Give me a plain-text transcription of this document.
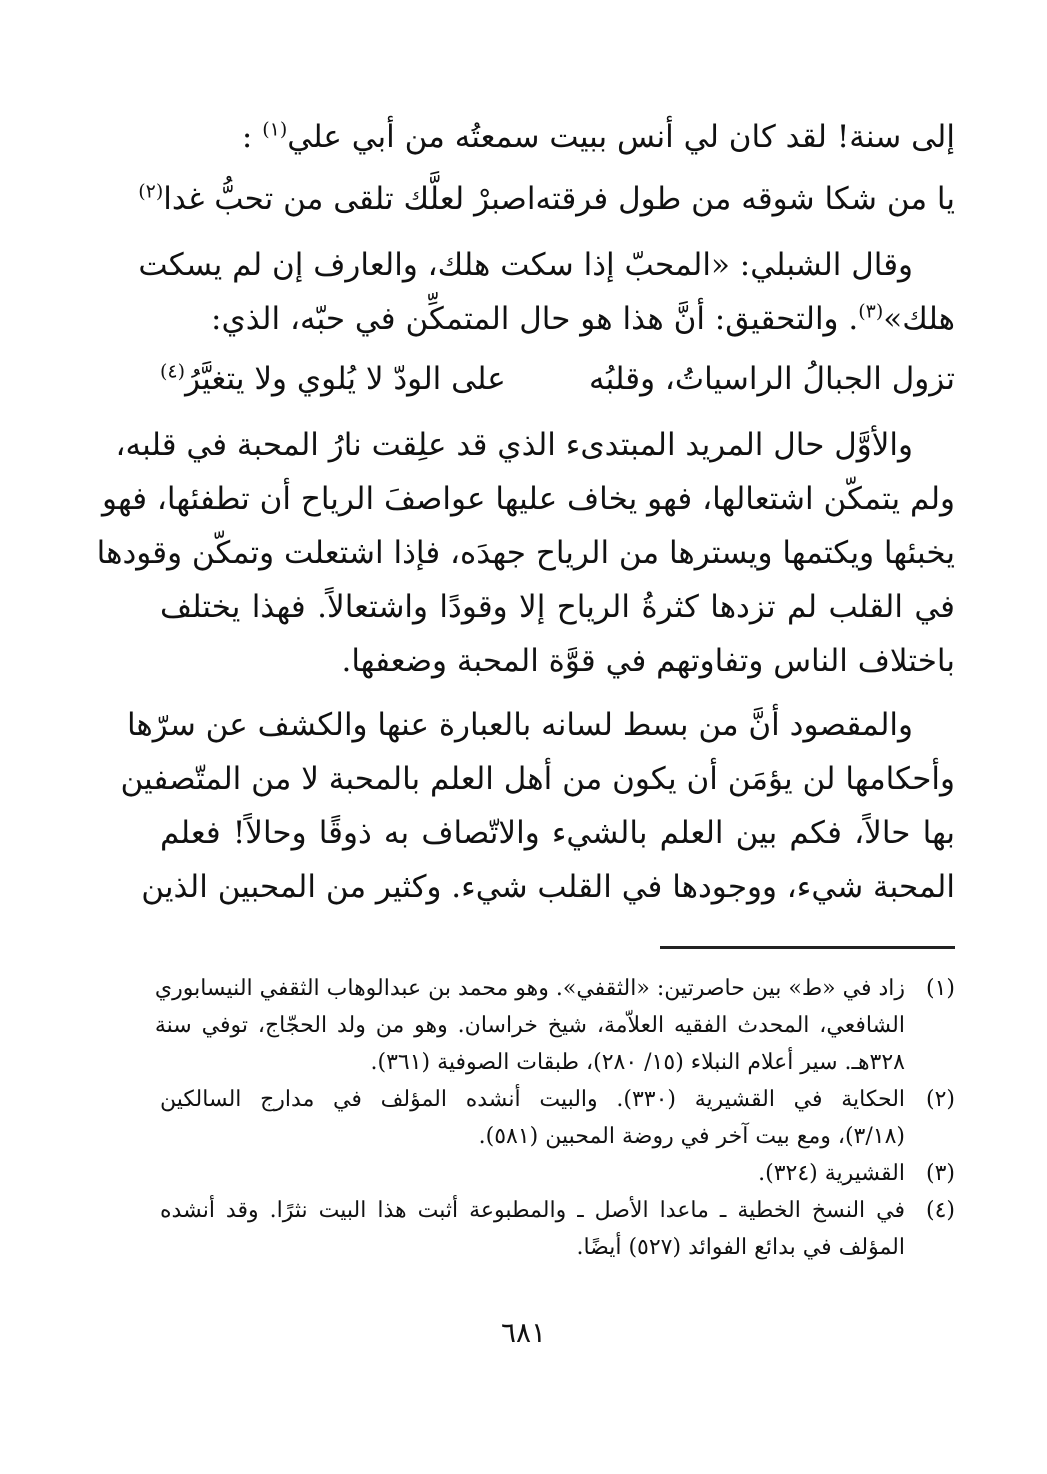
إلى سنة! لقد كان لي أنس ببيت سمعتُه من أبي علي$^{(١)}$ :
يا من شكا شوقه من طول فرقته
اصبرْ لعلَّك تلقى من تحبُّ غدا$^{(٢)}$
وقال الشبلي: «المحبّ إذا سكت هلك، والعارف إن لم يسكت
هلك»$^{(٣)}$. والتحقيق: أنَّ هذا هو حال المتمكِّن في حبّه، الذي:
تزول الجبالُ الراسياتُ، وقلبُه
على الودّ لا يُلوي ولا يتغيَّرُ$^{(٤)}$
والأوَّل حال المريد المبتدىء الذي قد علِقت نارُ المحبة في قلبه،
ولم يتمكّن اشتعالها، فهو يخاف عليها عواصفَ الرياح أن تطفئها، فهو
يخبئها ويكتمها ويسترها من الرياح جهدَه، فإذا اشتعلت وتمكّن وقودها
في القلب لم تزدها كثرةُ الرياح إلا وقودًا واشتعالاً. فهذا يختلف
باختلاف الناس وتفاوتهم في قوَّة المحبة وضعفها.
والمقصود أنَّ من بسط لسانه بالعبارة عنها والكشف عن سرّها
وأحكامها لن يؤمَن أن يكون من أهل العلم بالمحبة لا من المتّصفين
بها حالاً، فكم بين العلم بالشيء والاتّصاف به ذوقًا وحالاً! فعلم
المحبة شيء، ووجودها في القلب شيء. وكثير من المحبين الذين
(١)
زاد في «ط» بين حاصرتين: «الثقفي». وهو محمد بن عبدالوهاب الثقفي النيسابوري
الشافعي، المحدث الفقيه العلاّمة، شيخ خراسان. وهو من ولد الحجّاج، توفي سنة
٣٢٨هـ. سير أعلام النبلاء (١٥/ ٢٨٠)، طبقات الصوفية (٣٦١).
(٢)
الحكاية في القشيرية (٣٣٠). والبيت أنشده المؤلف في مدارج السالكين
(٣/١٨)، ومع بيت آخر في روضة المحبين (٥٨١).
(٣)
القشيرية (٣٢٤).
(٤)
في النسخ الخطية ـ ماعدا الأصل ـ والمطبوعة أثبت هذا البيت نثرًا. وقد أنشده
المؤلف في بدائع الفوائد (٥٢٧) أيضًا.
٦٨١
